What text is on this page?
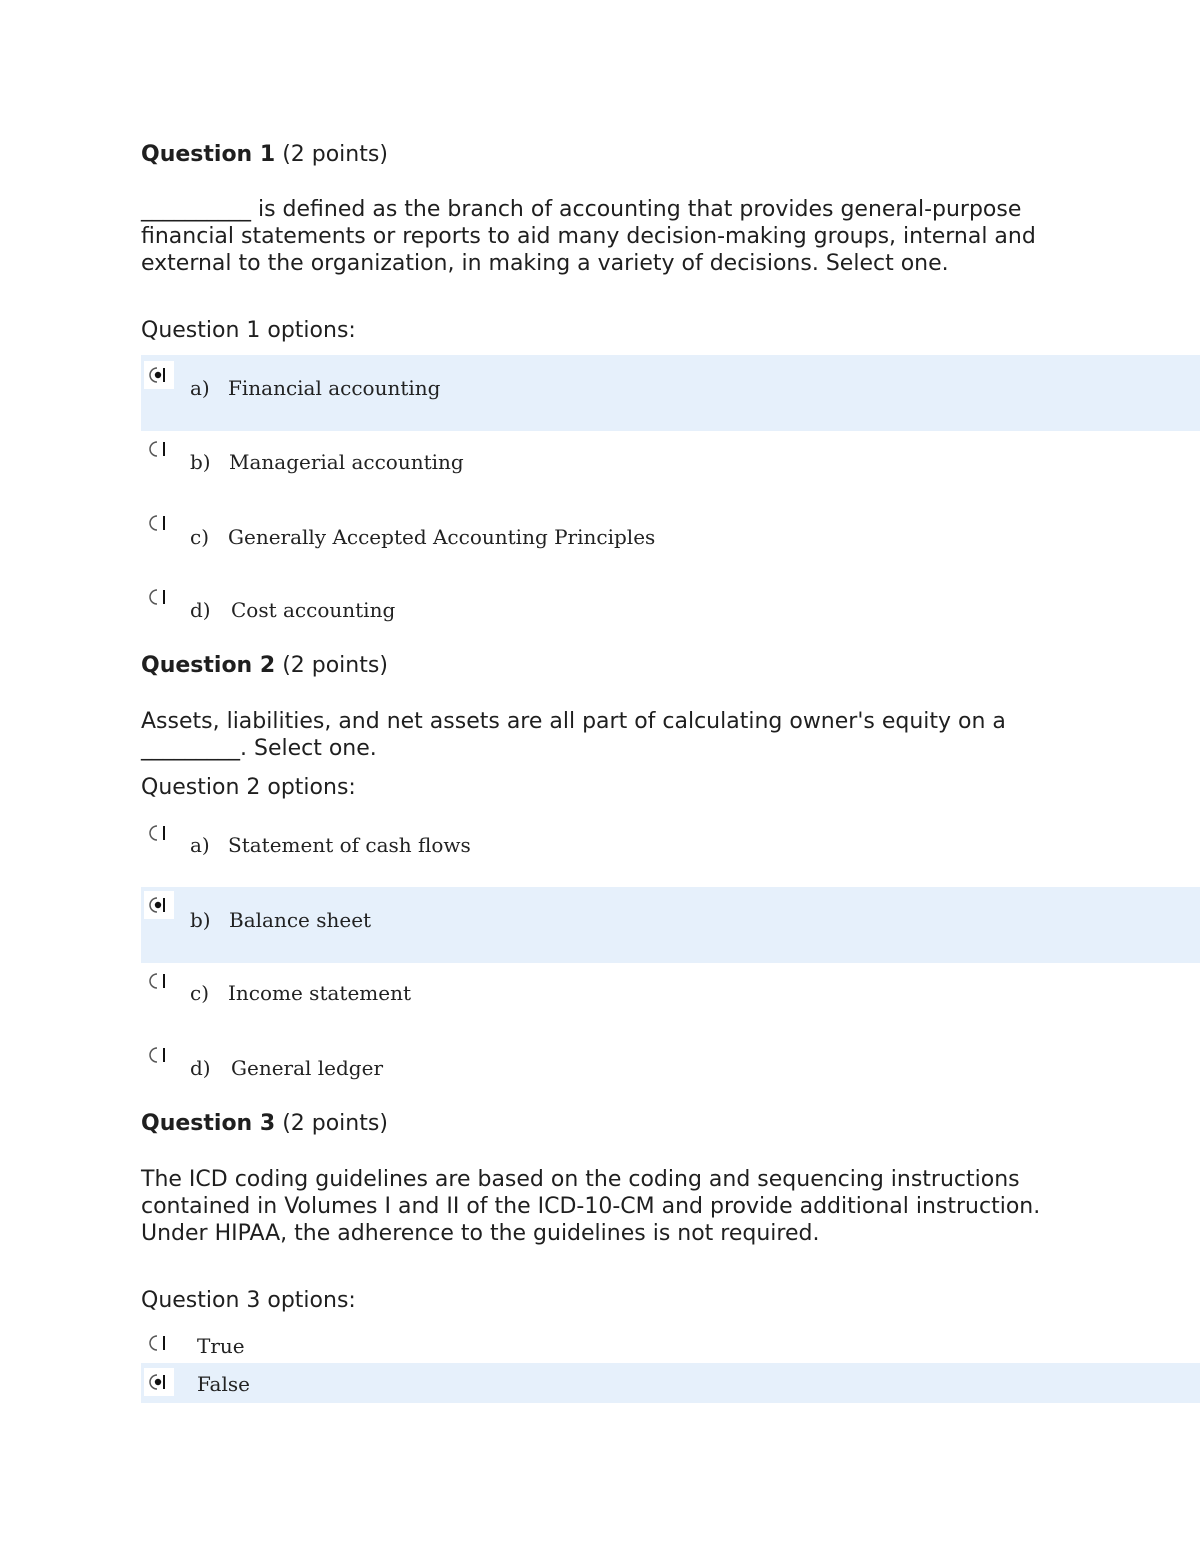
Question 1 (2 points)
__________ is defined as the branch of accounting that provides general-purpose financial statements or reports to aid many decision-making groups, internal and external to the organization, in making a variety of decisions. Select one.
Question 1 options:
a) Financial accounting
b) Managerial accounting
c) Generally Accepted Accounting Principles
d) Cost accounting
Question 2 (2 points)
Assets, liabilities, and net assets are all part of calculating owner's equity on a _________. Select one.
Question 2 options:
a) Statement of cash flows
b) Balance sheet
c) Income statement
d) General ledger
Question 3 (2 points)
The ICD coding guidelines are based on the coding and sequencing instructions contained in Volumes I and II of the ICD-10-CM and provide additional instruction. Under HIPAA, the adherence to the guidelines is not required.
Question 3 options:
True
False
